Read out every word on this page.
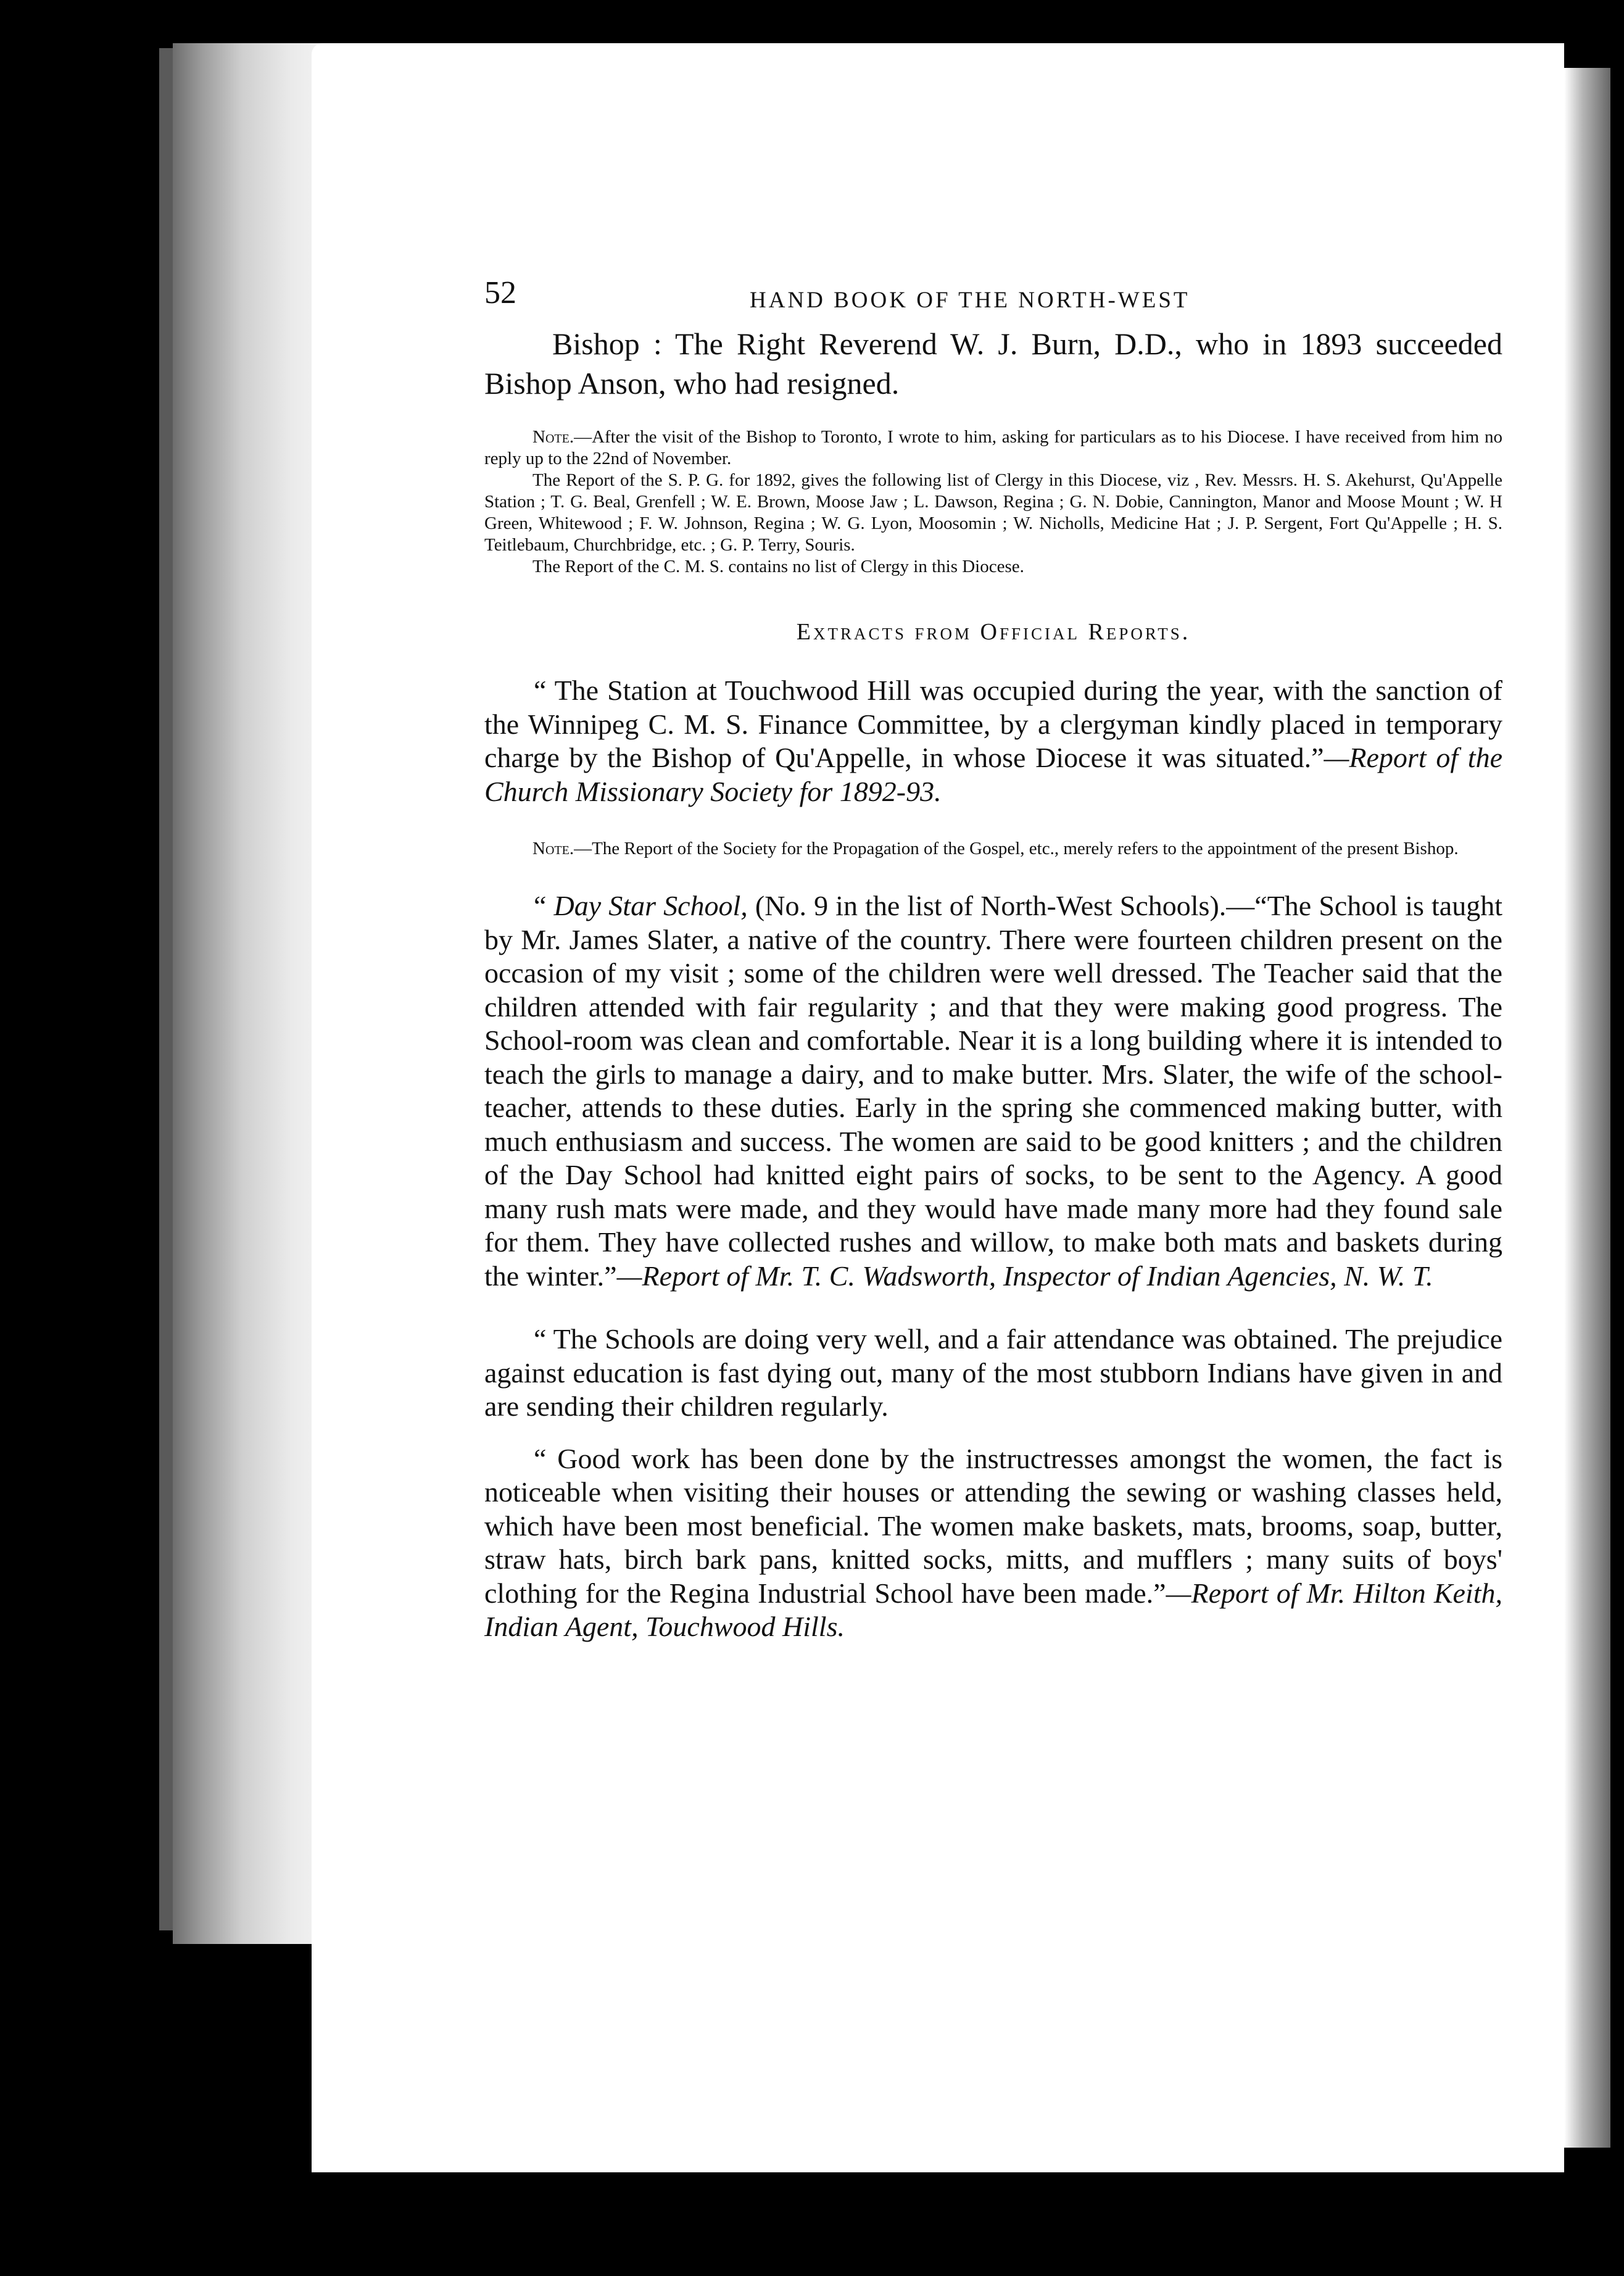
52	HAND BOOK OF THE NORTH-WEST

Bishop : The Right Reverend W. J. Burn, D.D., who in 1893 succeeded Bishop Anson, who had resigned.

Note.—After the visit of the Bishop to Toronto, I wrote to him, asking for particulars as to his Diocese. I have received from him no reply up to the 22nd of November.

The Report of the S. P. G. for 1892, gives the following list of Clergy in this Diocese, viz , Rev. Messrs. H. S. Akehurst, Qu'Appelle Station ; T. G. Beal, Grenfell ; W. E. Brown, Moose Jaw ; L. Dawson, Regina ; G. N. Dobie, Cannington, Manor and Moose Mount ; W. H Green, Whitewood ; F. W. Johnson, Regina ; W. G. Lyon, Moosomin ; W. Nicholls, Medicine Hat ; J. P. Sergent, Fort Qu'Appelle ; H. S. Teitlebaum, Churchbridge, etc. ; G. P. Terry, Souris.

The Report of the C. M. S. contains no list of Clergy in this Diocese.

Extracts from Official Reports.

“ The Station at Touchwood Hill was occupied during the year, with the sanction of the Winnipeg C. M. S. Finance Committee, by a clergyman kindly placed in temporary charge by the Bishop of Qu'Appelle, in whose Diocese it was situated.”—Report of the Church Missionary Society for 1892-93.

Note.—The Report of the Society for the Propagation of the Gospel, etc., merely refers to the appointment of the present Bishop.

“ Day Star School, (No. 9 in the list of North-West Schools).—“The School is taught by Mr. James Slater, a native of the country. There were fourteen children present on the occasion of my visit ; some of the children were well dressed. The Teacher said that the children attended with fair regularity ; and that they were making good progress. The School-room was clean and comfortable. Near it is a long building where it is intended to teach the girls to manage a dairy, and to make butter. Mrs. Slater, the wife of the school-teacher, attends to these duties. Early in the spring she commenced making butter, with much enthusiasm and success. The women are said to be good knitters ; and the children of the Day School had knitted eight pairs of socks, to be sent to the Agency. A good many rush mats were made, and they would have made many more had they found sale for them. They have collected rushes and willow, to make both mats and baskets during the winter.”—Report of Mr. T. C. Wadsworth, Inspector of Indian Agencies, N. W. T.

“ The Schools are doing very well, and a fair attendance was obtained. The prejudice against education is fast dying out, many of the most stubborn Indians have given in and are sending their children regularly.

“ Good work has been done by the instructresses amongst the women, the fact is noticeable when visiting their houses or attending the sewing or washing classes held, which have been most beneficial. The women make baskets, mats, brooms, soap, butter, straw hats, birch bark pans, knitted socks, mitts, and mufflers ; many suits of boys' clothing for the Regina Industrial School have been made.”—Report of Mr. Hilton Keith, Indian Agent, Touchwood Hills.
